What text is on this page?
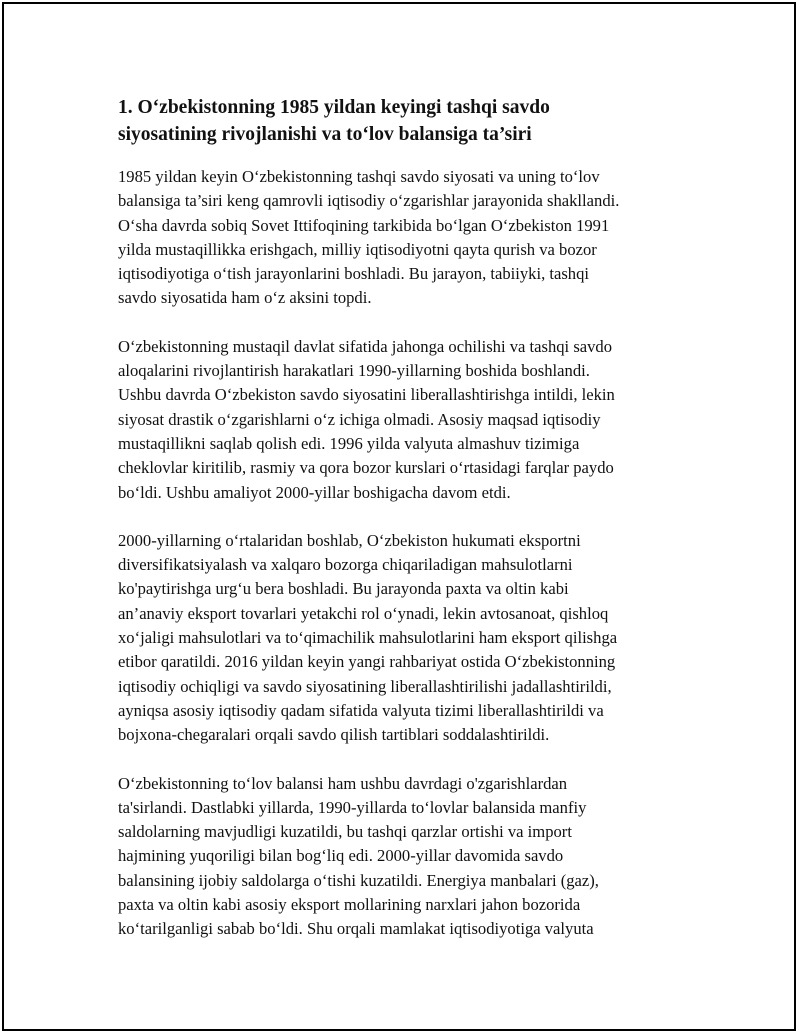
1. O‘zbekistonning 1985 yildan keyingi tashqi savdo
siyosatining rivojlanishi va to‘lov balansiga ta’siri
1985 yildan keyin O‘zbekistonning tashqi savdo siyosati va uning to‘lov
balansiga ta’siri keng qamrovli iqtisodiy o‘zgarishlar jarayonida shakllandi.
O‘sha davrda sobiq Sovet Ittifoqining tarkibida bo‘lgan O‘zbekiston 1991
yilda mustaqillikka erishgach, milliy iqtisodiyotni qayta qurish va bozor
iqtisodiyotiga o‘tish jarayonlarini boshladi. Bu jarayon, tabiiyki, tashqi
savdo siyosatida ham o‘z aksini topdi.
O‘zbekistonning mustaqil davlat sifatida jahonga ochilishi va tashqi savdo
aloqalarini rivojlantirish harakatlari 1990-yillarning boshida boshlandi.
Ushbu davrda O‘zbekiston savdo siyosatini liberallashtirishga intildi, lekin
siyosat drastik o‘zgarishlarni o‘z ichiga olmadi. Asosiy maqsad iqtisodiy
mustaqillikni saqlab qolish edi. 1996 yilda valyuta almashuv tizimiga
cheklovlar kiritilib, rasmiy va qora bozor kurslari o‘rtasidagi farqlar paydo
bo‘ldi. Ushbu amaliyot 2000-yillar boshigacha davom etdi.
2000-yillarning o‘rtalaridan boshlab, O‘zbekiston hukumati eksportni
diversifikatsiyalash va xalqaro bozorga chiqariladigan mahsulotlarni
ko'paytirishga urg‘u bera boshladi. Bu jarayonda paxta va oltin kabi
an’anaviy eksport tovarlari yetakchi rol o‘ynadi, lekin avtosanoat, qishloq
xo‘jaligi mahsulotlari va to‘qimachilik mahsulotlarini ham eksport qilishga
etibor qaratildi. 2016 yildan keyin yangi rahbariyat ostida O‘zbekistonning
iqtisodiy ochiqligi va savdo siyosatining liberallashtirilishi jadallashtirildi,
ayniqsa asosiy iqtisodiy qadam sifatida valyuta tizimi liberallashtirildi va
bojxona-chegaralari orqali savdo qilish tartiblari soddalashtirildi.
O‘zbekistonning to‘lov balansi ham ushbu davrdagi o'zgarishlardan
ta'sirlandi. Dastlabki yillarda, 1990-yillarda to‘lovlar balansida manfiy
saldolarning mavjudligi kuzatildi, bu tashqi qarzlar ortishi va import
hajmining yuqoriligi bilan bog‘liq edi. 2000-yillar davomida savdo
balansining ijobiy saldolarga o‘tishi kuzatildi. Energiya manbalari (gaz),
paxta va oltin kabi asosiy eksport mollarining narxlari jahon bozorida
ko‘tarilganligi sabab bo‘ldi. Shu orqali mamlakat iqtisodiyotiga valyuta
